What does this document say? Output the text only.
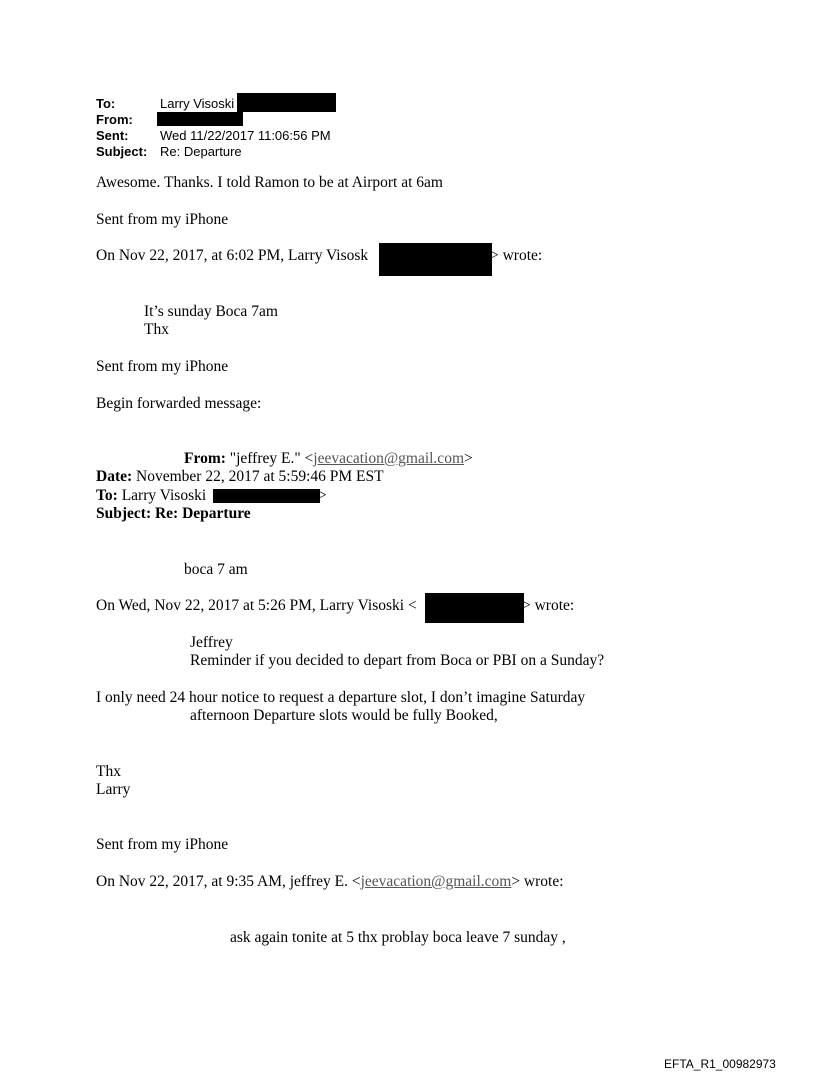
To:	Larry Visoski
From:
Sent: Wed 11/22/2017 11:06:56 PM
Subject: Re: Departure
Awesome. Thanks. I told Ramon to be at Airport at 6am
Sent from my iPhone
On Nov 22, 2017, at 6:02 PM, Larry Visosk	> wrote:
It’s sunday Boca 7am
Thx
Sent from my iPhone
Begin forwarded message:
From: "jeffrey E." <jeevacation@gmail.com>
Date: November 22, 2017 at 5:59:46 PM EST
To: Larry Visoski	>
Subject: Re: Departure
boca 7 am
On Wed, Nov 22, 2017 at 5:26 PM, Larry Visoski <	> wrote:
Jeffrey
Reminder if you decided to depart from Boca or PBI on a Sunday?
I only need 24 hour notice to request a departure slot, I don’t imagine Saturday
afternoon Departure slots would be fully Booked,
Thx
Larry
Sent from my iPhone
On Nov 22, 2017, at 9:35 AM, jeffrey E. <jeevacation@gmail.com> wrote:
ask again tonite at 5 thx problay boca leave 7 sunday ,
EFTA_R1_00982973
